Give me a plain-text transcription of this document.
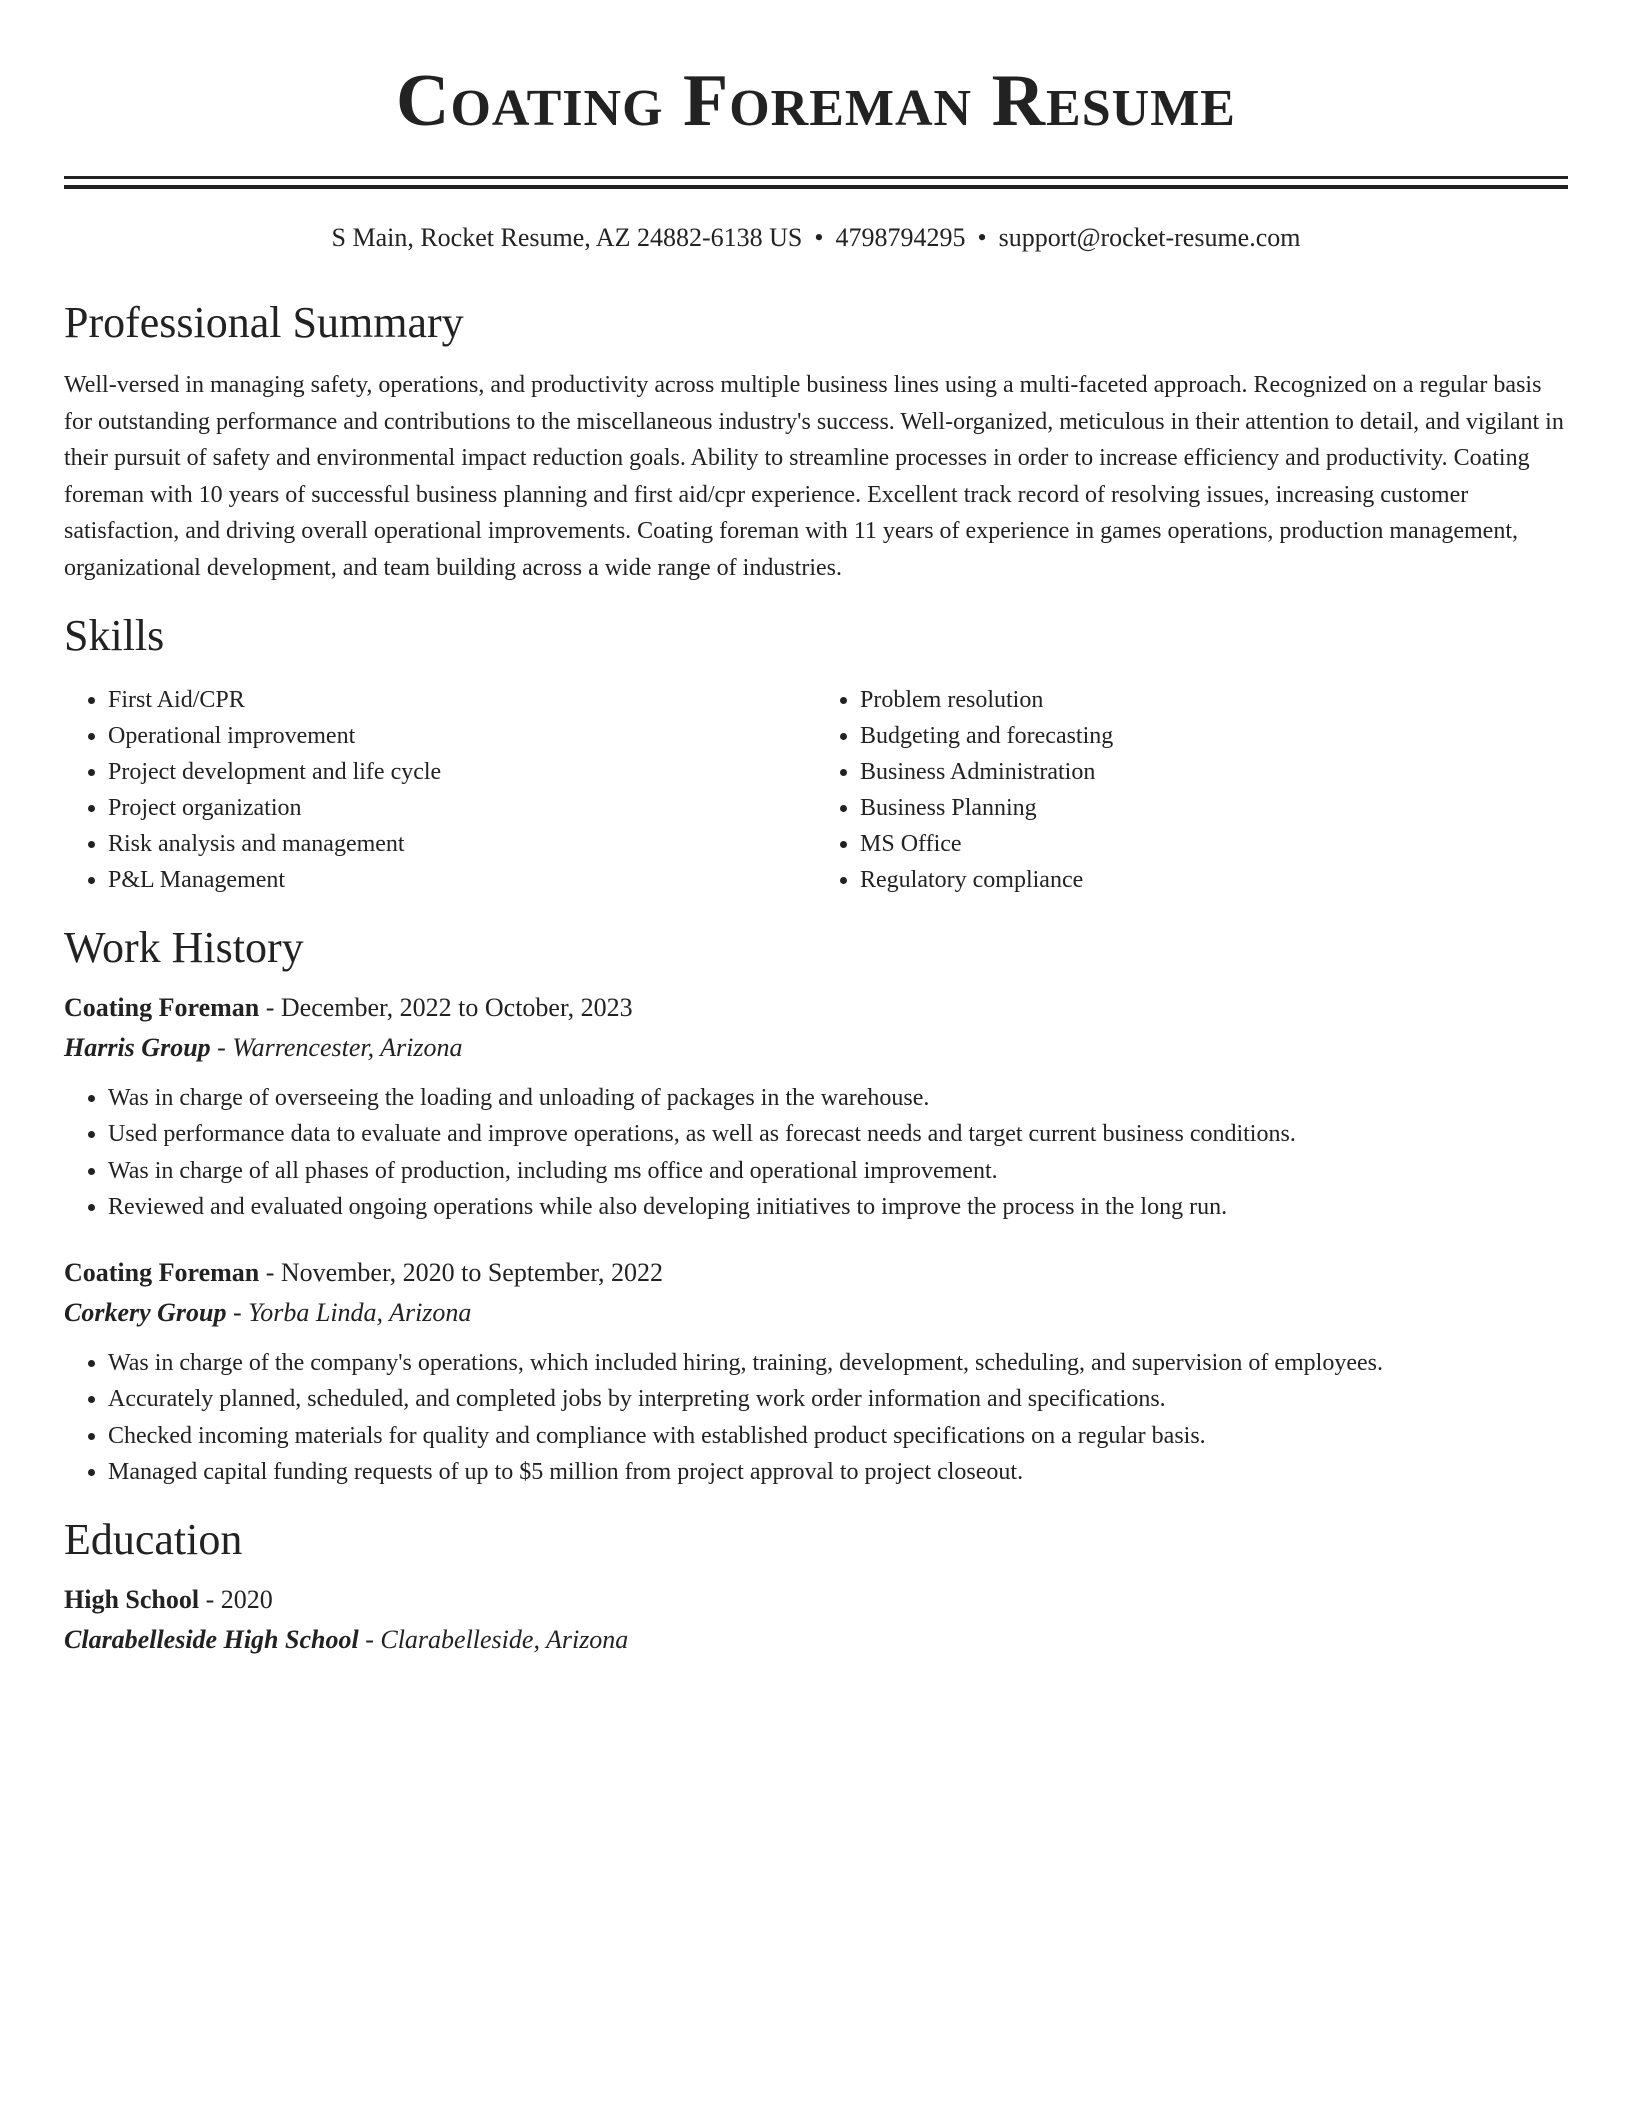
Coating Foreman Resume
S Main, Rocket Resume, AZ 24882-6138 US • 4798794295 • support@rocket-resume.com
Professional Summary

Well-versed in managing safety, operations, and productivity across multiple business lines using a multi-faceted approach. Recognized on a regular basis for outstanding performance and contributions to the miscellaneous industry's success. Well-organized, meticulous in their attention to detail, and vigilant in their pursuit of safety and environmental impact reduction goals. Ability to streamline processes in order to increase efficiency and productivity. Coating foreman with 10 years of successful business planning and first aid/cpr experience. Excellent track record of resolving issues, increasing customer satisfaction, and driving overall operational improvements. Coating foreman with 11 years of experience in games operations, production management, organizational development, and team building across a wide range of industries.

Skills
• First Aid/CPR
• Operational improvement
• Project development and life cycle
• Project organization
• Risk analysis and management
• P&L Management
• Problem resolution
• Budgeting and forecasting
• Business Administration
• Business Planning
• MS Office
• Regulatory compliance
Work History
Coating Foreman - December, 2022 to October, 2023
Harris Group - Warrencester, Arizona
• Was in charge of overseeing the loading and unloading of packages in the warehouse.
• Used performance data to evaluate and improve operations, as well as forecast needs and target current business conditions.
• Was in charge of all phases of production, including ms office and operational improvement.
• Reviewed and evaluated ongoing operations while also developing initiatives to improve the process in the long run.
Coating Foreman - November, 2020 to September, 2022
Corkery Group - Yorba Linda, Arizona
• Was in charge of the company's operations, which included hiring, training, development, scheduling, and supervision of employees.
• Accurately planned, scheduled, and completed jobs by interpreting work order information and specifications.
• Checked incoming materials for quality and compliance with established product specifications on a regular basis.
• Managed capital funding requests of up to $5 million from project approval to project closeout.
Education
High School - 2020
Clarabelleside High School - Clarabelleside, Arizona
